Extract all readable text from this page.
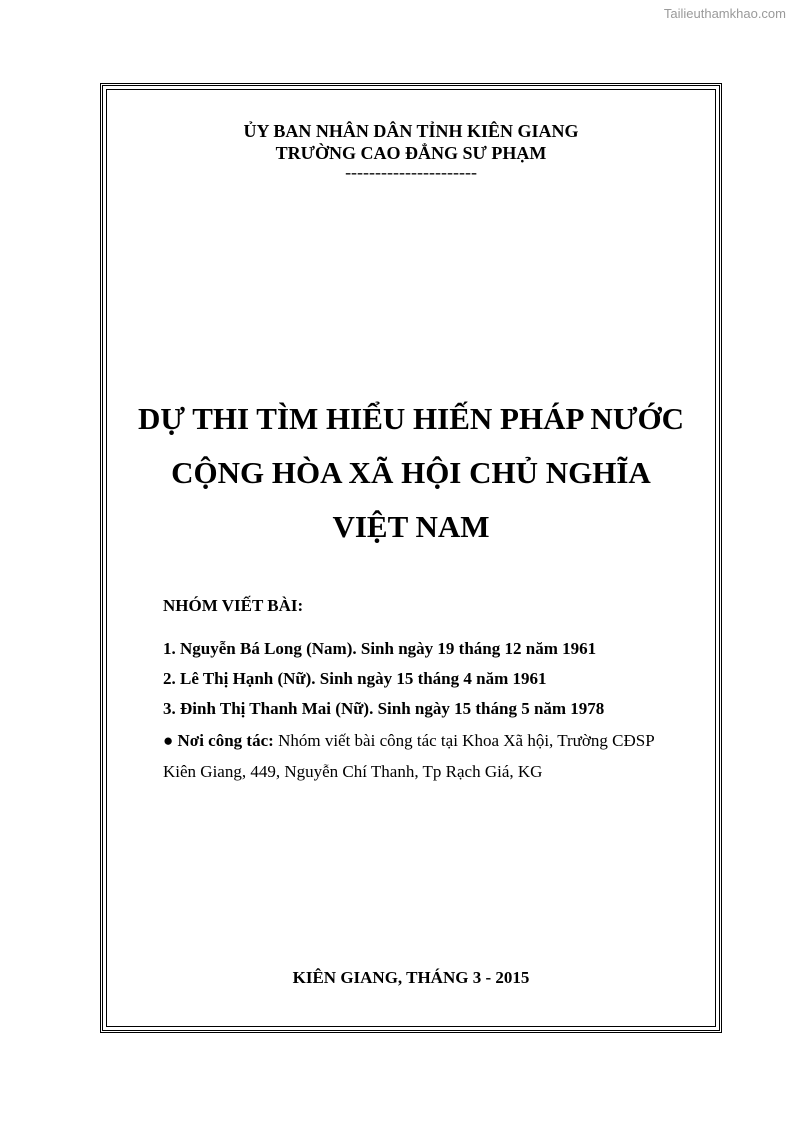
Tailieuthamkhao.com
ỦY BAN NHÂN DÂN TỈNH KIÊN GIANG
TRƯỜNG CAO ĐẲNG SƯ PHẠM
----------------------
DỰ THI TÌM HIỂU HIẾN PHÁP NƯỚC
CỘNG HÒA XÃ HỘI CHỦ NGHĨA
VIỆT NAM
NHÓM VIẾT BÀI:
1. Nguyễn Bá Long (Nam). Sinh ngày 19 tháng 12 năm 1961
2. Lê Thị Hạnh (Nữ). Sinh ngày 15 tháng 4 năm 1961
3. Đinh Thị Thanh Mai (Nữ). Sinh ngày 15 tháng 5 năm 1978
● Nơi công tác: Nhóm viết bài công tác tại Khoa Xã hội, Trường CĐSP Kiên Giang, 449, Nguyễn Chí Thanh, Tp Rạch Giá, KG
KIÊN GIANG, THÁNG 3 - 2015
